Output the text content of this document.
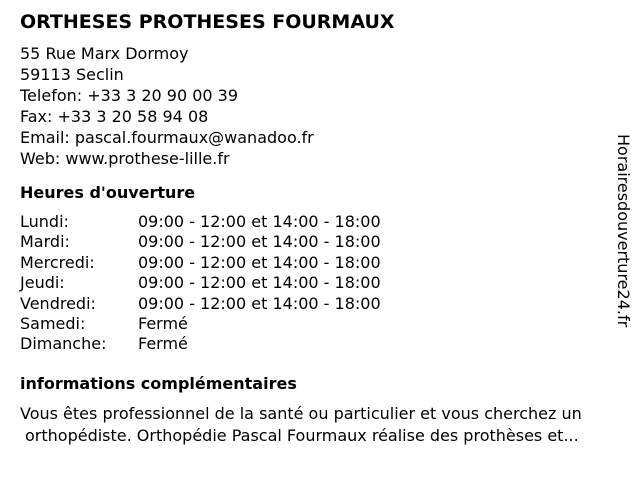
ORTHESES PROTHESES FOURMAUX
55 Rue Marx Dormoy
59113 Seclin
Telefon: +33 3 20 90 00 39
Fax: +33 3 20 58 94 08
Email: pascal.fourmaux@wanadoo.fr
Web: www.prothese-lille.fr
Heures d'ouverture
Lundi:	09:00 - 12:00 et 14:00 - 18:00
Mardi:	09:00 - 12:00 et 14:00 - 18:00
Mercredi:	09:00 - 12:00 et 14:00 - 18:00
Jeudi:	09:00 - 12:00 et 14:00 - 18:00
Vendredi:	09:00 - 12:00 et 14:00 - 18:00
Samedi:	Fermé
Dimanche: Fermé
informations complémentaires
Vous êtes professionnel de la santé ou particulier et vous cherchez un
orthopédiste. Orthopédie Pascal Fourmaux réalise des prothèses et...
Horairesdouverture24.fr
